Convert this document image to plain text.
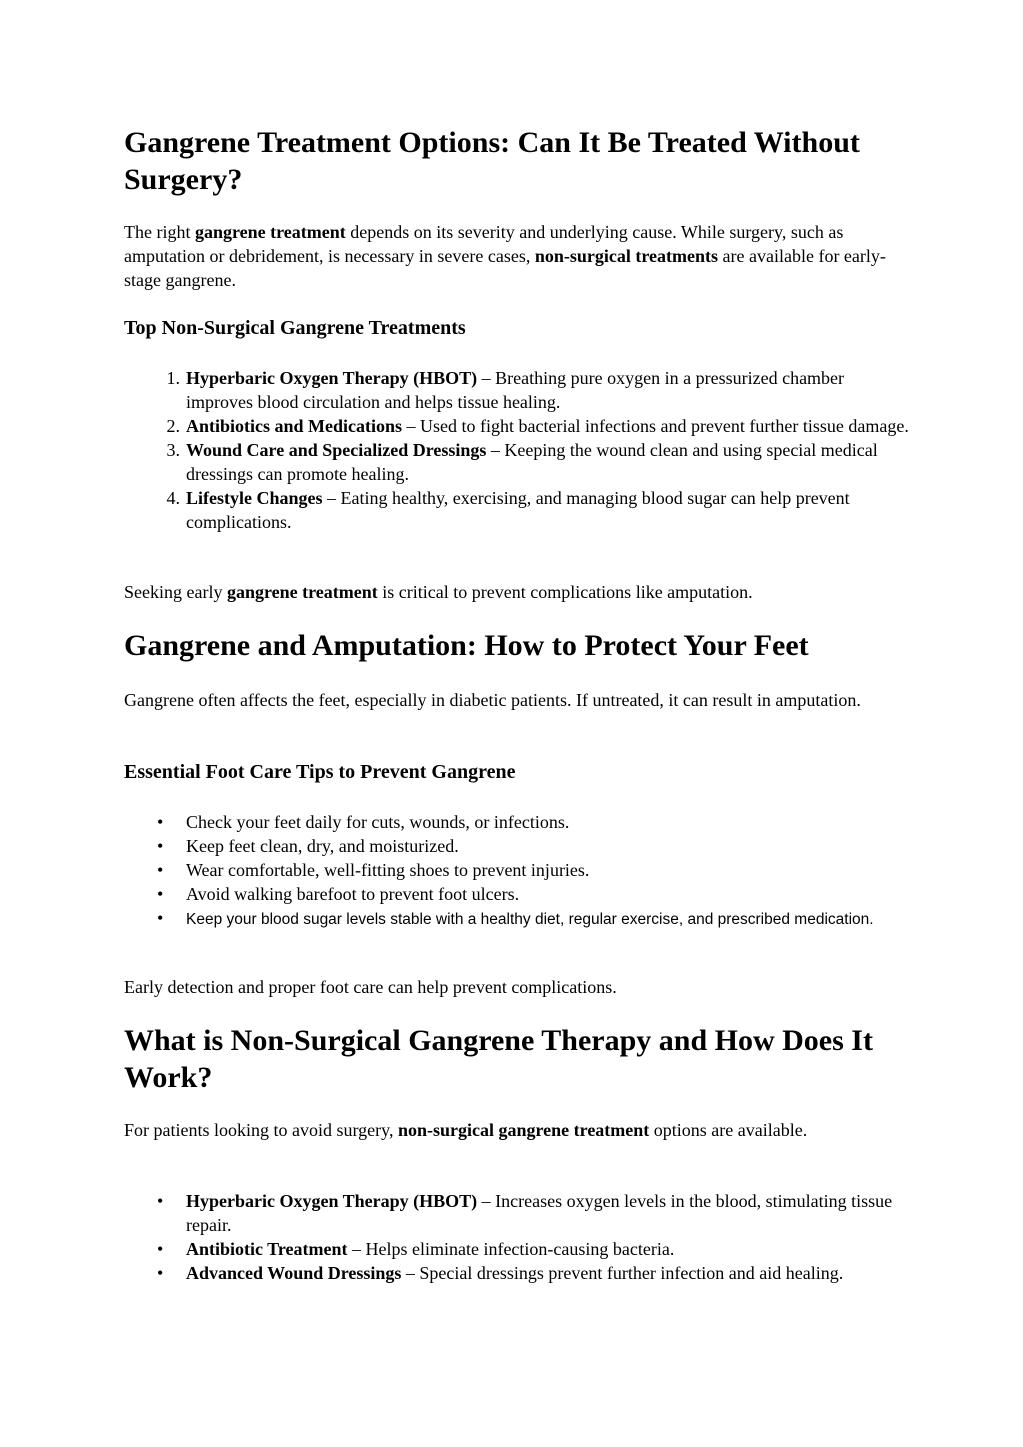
Gangrene Treatment Options: Can It Be Treated Without Surgery?

The right gangrene treatment depends on its severity and underlying cause. While surgery, such as amputation or debridement, is necessary in severe cases, non-surgical treatments are available for early-stage gangrene.

Top Non-Surgical Gangrene Treatments
1. Hyperbaric Oxygen Therapy (HBOT) – Breathing pure oxygen in a pressurized chamber improves blood circulation and helps tissue healing.
2. Antibiotics and Medications – Used to fight bacterial infections and prevent further tissue damage.
3. Wound Care and Specialized Dressings – Keeping the wound clean and using special medical dressings can promote healing.
4. Lifestyle Changes – Eating healthy, exercising, and managing blood sugar can help prevent complications.

Seeking early gangrene treatment is critical to prevent complications like amputation.

Gangrene and Amputation: How to Protect Your Feet

Gangrene often affects the feet, especially in diabetic patients. If untreated, it can result in amputation.

Essential Foot Care Tips to Prevent Gangrene
• Check your feet daily for cuts, wounds, or infections.
• Keep feet clean, dry, and moisturized.
• Wear comfortable, well-fitting shoes to prevent injuries.
• Avoid walking barefoot to prevent foot ulcers.
• Keep your blood sugar levels stable with a healthy diet, regular exercise, and prescribed medication.

Early detection and proper foot care can help prevent complications.

What is Non-Surgical Gangrene Therapy and How Does It Work?

For patients looking to avoid surgery, non-surgical gangrene treatment options are available.

• Hyperbaric Oxygen Therapy (HBOT) – Increases oxygen levels in the blood, stimulating tissue repair.
• Antibiotic Treatment – Helps eliminate infection-causing bacteria.
• Advanced Wound Dressings – Special dressings prevent further infection and aid healing.
